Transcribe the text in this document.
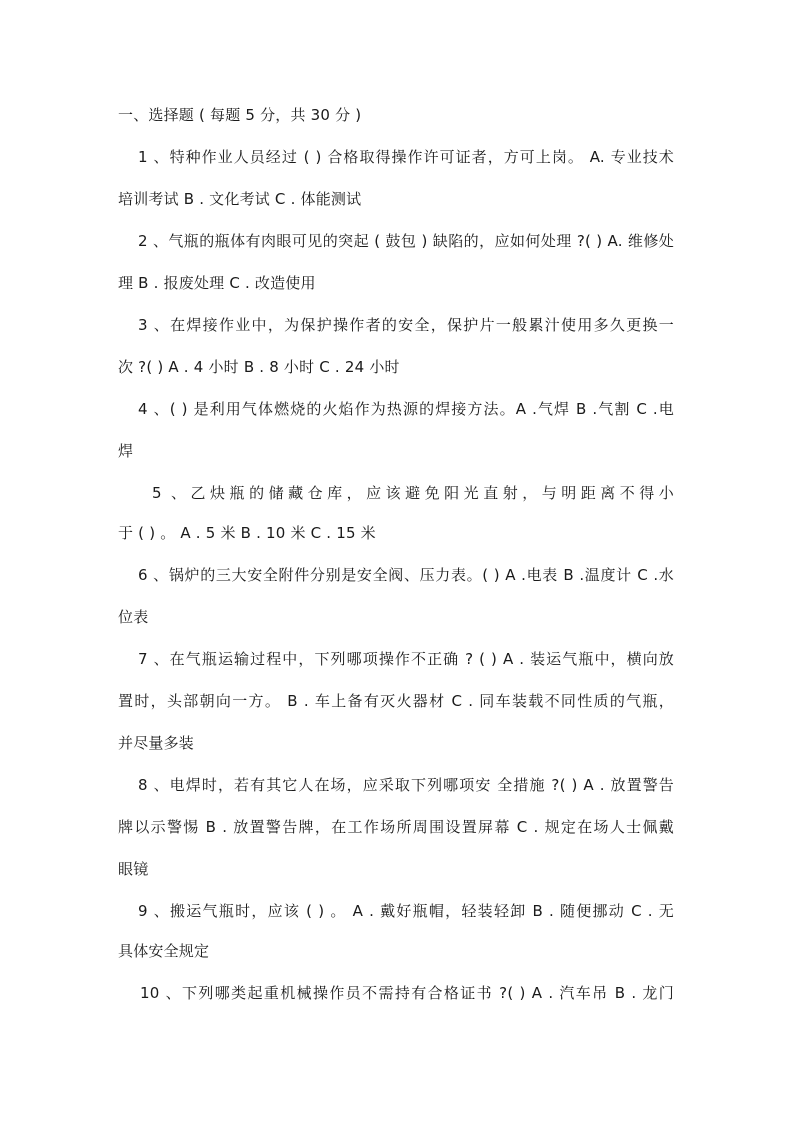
一、选择题 ( 每题 5 分，共 30 分 )
1 、特种作业人员经过 ( ) 合格取得操作许可证者，方可上岗。 A. 专业技术
培训考试 B . 文化考试 C . 体能测试
2 、气瓶的瓶体有肉眼可见的突起 ( 鼓包 ) 缺陷的，应如何处理 ?( ) A. 维修处
理 B . 报废处理 C . 改造使用
3 、在焊接作业中，为保护操作者的安全，保护片一般累汁使用多久更换一
次 ?( ) A . 4 小时 B . 8 小时 C . 24 小时
4 、( ) 是利用气体燃烧的火焰作为热源的焊接方法。A .气焊 B .气割 C .电
焊
5 、乙炔瓶的储藏仓库，应该避免阳光直射，与明距离不得小
于 ( ) 。 A . 5 米 B . 10 米 C . 15 米
6 、锅炉的三大安全附件分别是安全阀、压力表。( ) A .电表 B .温度计 C .水
位表
7 、在气瓶运输过程中，下列哪项操作不正确 ? ( ) A . 装运气瓶中，横向放
置时，头部朝向一方。 B . 车上备有灭火器材 C . 同车装载不同性质的气瓶，
并尽量多装
8 、电焊时，若有其它人在场，应采取下列哪项安 全措施 ?( ) A . 放置警告
牌以示警惕 B . 放置警告牌，在工作场所周围设置屏幕 C . 规定在场人士佩戴
眼镜
9 、搬运气瓶时，应该 ( ) 。 A . 戴好瓶帽，轻装轻卸 B . 随便挪动 C . 无
具体安全规定
10 、下列哪类起重机械操作员不需持有合格证书 ?( ) A . 汽车吊 B . 龙门
